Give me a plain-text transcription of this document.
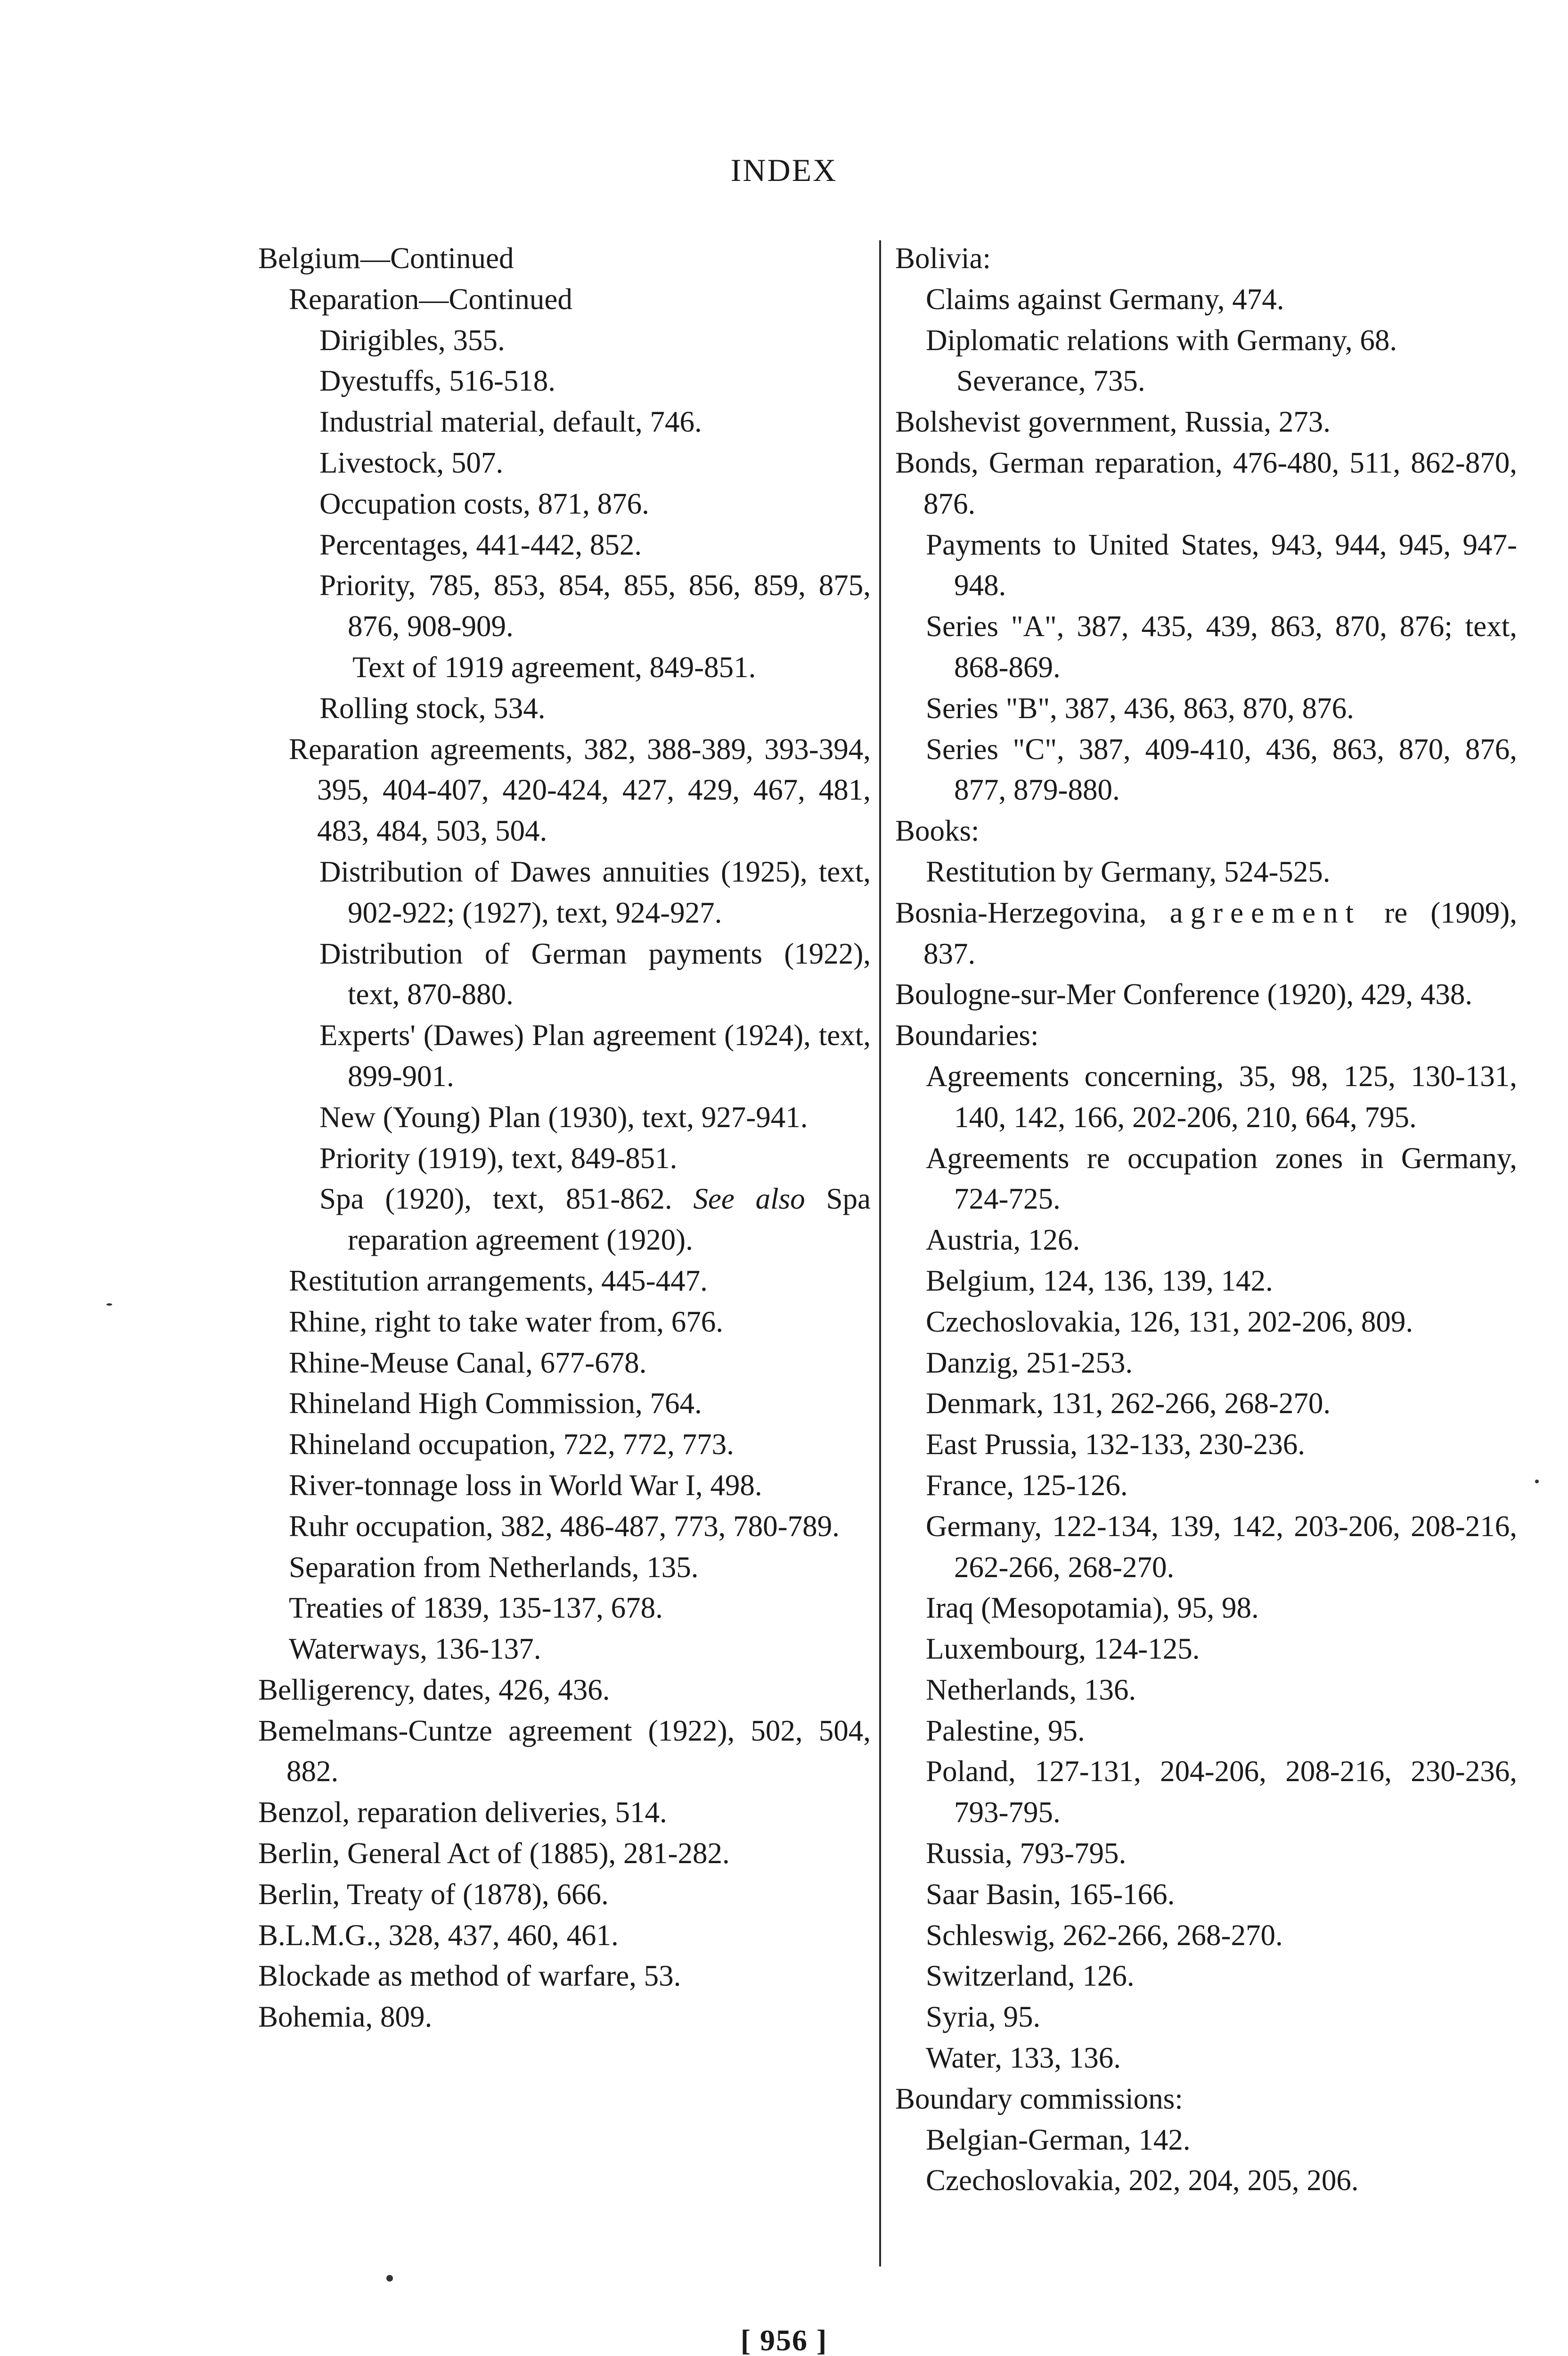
INDEX
Belgium—Continued
Reparation—Continued
Dirigibles, 355.
Dyestuffs, 516-518.
Industrial material, default, 746.
Livestock, 507.
Occupation costs, 871, 876.
Percentages, 441-442, 852.
Priority, 785, 853, 854, 855, 856, 859, 875, 876, 908-909.
Text of 1919 agreement, 849-851.
Rolling stock, 534.
Reparation agreements, 382, 388-389, 393-394, 395, 404-407, 420-424, 427, 429, 467, 481, 483, 484, 503, 504.
Distribution of Dawes annuities (1925), text, 902-922; (1927), text, 924-927.
Distribution of German payments (1922), text, 870-880.
Experts' (Dawes) Plan agreement (1924), text, 899-901.
New (Young) Plan (1930), text, 927-941.
Priority (1919), text, 849-851.
Spa (1920), text, 851-862. See also Spa reparation agreement (1920).
Restitution arrangements, 445-447.
Rhine, right to take water from, 676.
Rhine-Meuse Canal, 677-678.
Rhineland High Commission, 764.
Rhineland occupation, 722, 772, 773.
River-tonnage loss in World War I, 498.
Ruhr occupation, 382, 486-487, 773, 780-789.
Separation from Netherlands, 135.
Treaties of 1839, 135-137, 678.
Waterways, 136-137.
Belligerency, dates, 426, 436.
Bemelmans-Cuntze agreement (1922), 502, 504, 882.
Benzol, reparation deliveries, 514.
Berlin, General Act of (1885), 281-282.
Berlin, Treaty of (1878), 666.
B.L.M.G., 328, 437, 460, 461.
Blockade as method of warfare, 53.
Bohemia, 809.
Bolivia:
Claims against Germany, 474.
Diplomatic relations with Germany, 68.
Severance, 735.
Bolshevist government, Russia, 273.
Bonds, German reparation, 476-480, 511, 862-870, 876.
Payments to United States, 943, 944, 945, 947-948.
Series "A", 387, 435, 439, 863, 870, 876; text, 868-869.
Series "B", 387, 436, 863, 870, 876.
Series "C", 387, 409-410, 436, 863, 870, 876, 877, 879-880.
Books:
Restitution by Germany, 524-525.
Bosnia-Herzegovina, agreement re (1909), 837.
Boulogne-sur-Mer Conference (1920), 429, 438.
Boundaries:
Agreements concerning, 35, 98, 125, 130-131, 140, 142, 166, 202-206, 210, 664, 795.
Agreements re occupation zones in Germany, 724-725.
Austria, 126.
Belgium, 124, 136, 139, 142.
Czechoslovakia, 126, 131, 202-206, 809.
Danzig, 251-253.
Denmark, 131, 262-266, 268-270.
East Prussia, 132-133, 230-236.
France, 125-126.
Germany, 122-134, 139, 142, 203-206, 208-216, 262-266, 268-270.
Iraq (Mesopotamia), 95, 98.
Luxembourg, 124-125.
Netherlands, 136.
Palestine, 95.
Poland, 127-131, 204-206, 208-216, 230-236, 793-795.
Russia, 793-795.
Saar Basin, 165-166.
Schleswig, 262-266, 268-270.
Switzerland, 126.
Syria, 95.
Water, 133, 136.
Boundary commissions:
Belgian-German, 142.
Czechoslovakia, 202, 204, 205, 206.
[ 956 ]
